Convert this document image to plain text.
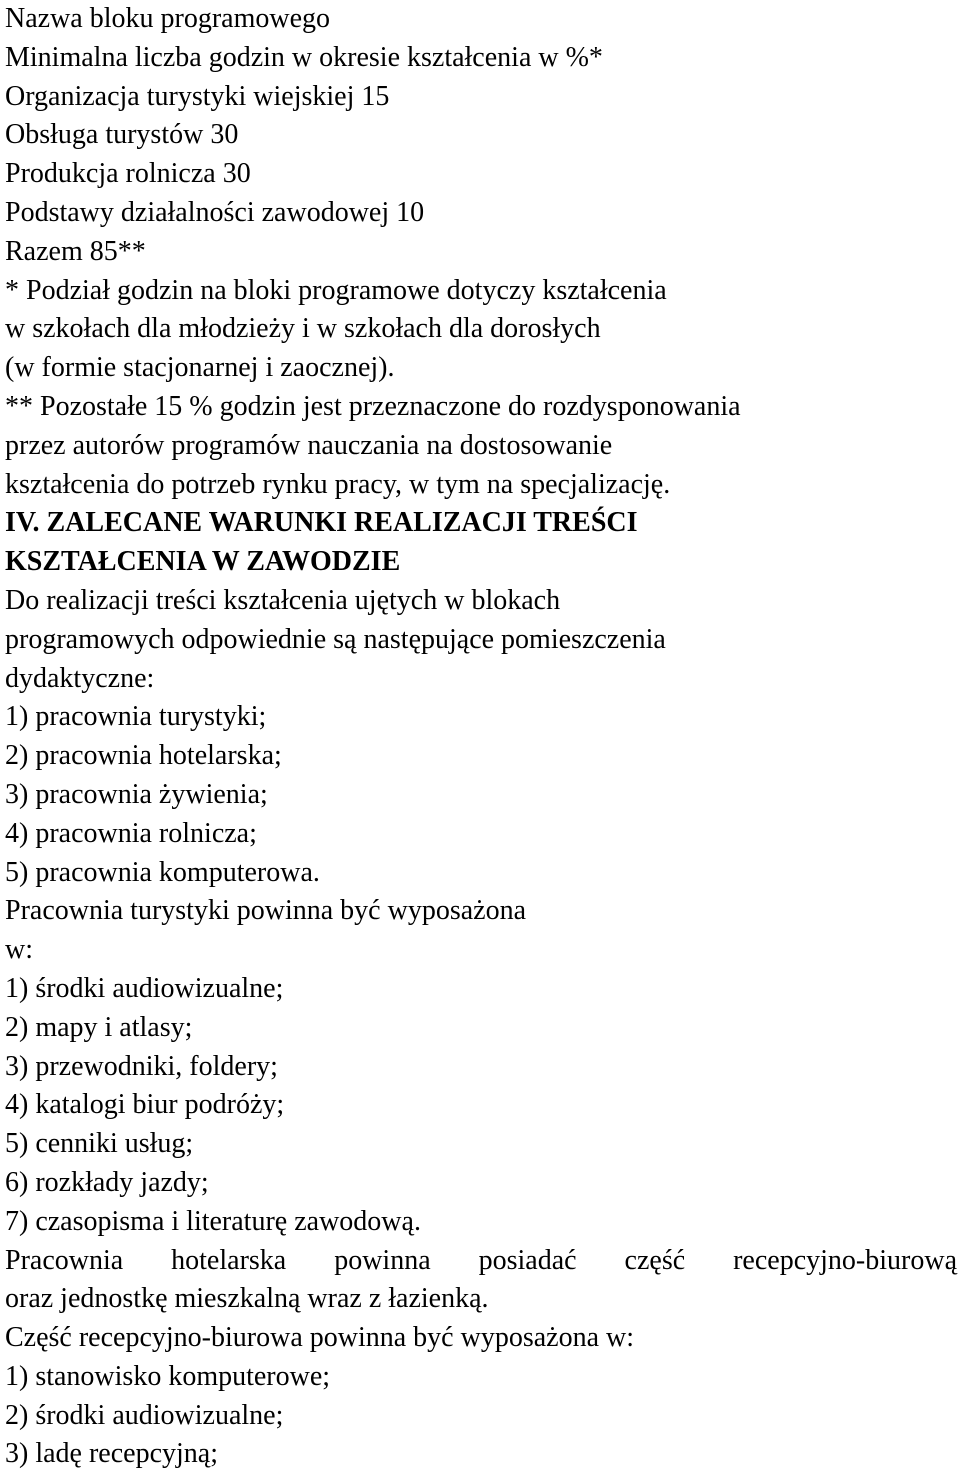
Nazwa bloku programowego
Minimalna liczba godzin w okresie kształcenia w %*
Organizacja turystyki wiejskiej 15
Obsługa turystów 30
Produkcja rolnicza 30
Podstawy działalności zawodowej 10
Razem 85**
* Podział godzin na bloki programowe dotyczy kształcenia
w szkołach dla młodzieży i w szkołach dla dorosłych
(w formie stacjonarnej i zaocznej).
** Pozostałe 15 % godzin jest przeznaczone do rozdysponowania
przez autorów programów nauczania na dostosowanie
kształcenia do potrzeb rynku pracy, w tym na specjalizację.
IV. ZALECANE WARUNKI REALIZACJI TREŚCI
KSZTAŁCENIA W ZAWODZIE
Do realizacji treści kształcenia ujętych w blokach
programowych odpowiednie są następujące pomieszczenia
dydaktyczne:
1) pracownia turystyki;
2) pracownia hotelarska;
3) pracownia żywienia;
4) pracownia rolnicza;
5) pracownia komputerowa.
Pracownia turystyki powinna być wyposażona
w:
1) środki audiowizualne;
2) mapy i atlasy;
3) przewodniki, foldery;
4) katalogi biur podróży;
5) cenniki usług;
6) rozkłady jazdy;
7) czasopisma i literaturę zawodową.
Pracownia hotelarska powinna posiadać część recepcyjno-biurową
oraz jednostkę mieszkalną wraz z łazienką.
Część recepcyjno-biurowa powinna być wyposażona w:
1) stanowisko komputerowe;
2) środki audiowizualne;
3) ladę recepcyjną;
